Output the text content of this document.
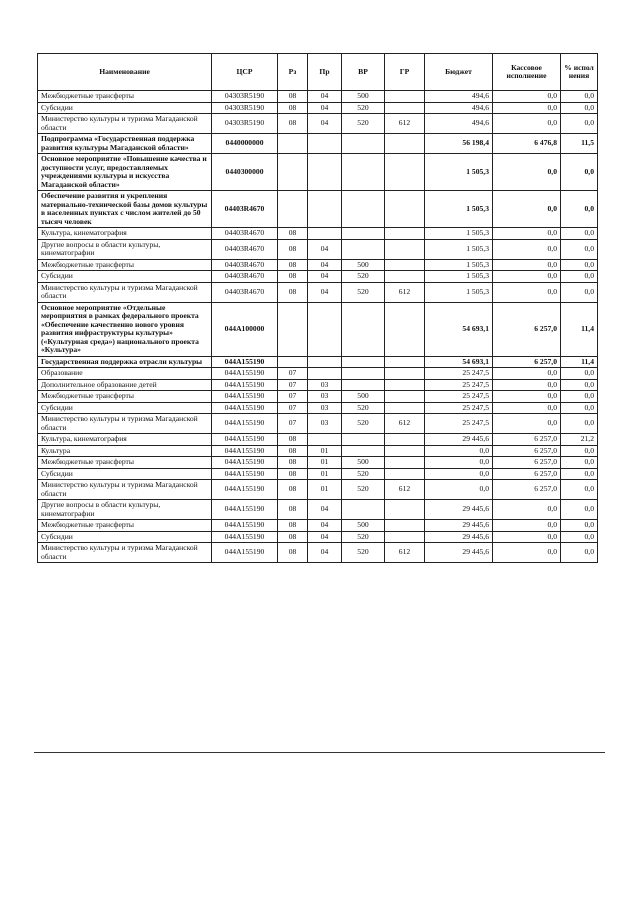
Наименование	ЦСР	Рз	Пр	ВР	ГР	Бюджет	Кассовое исполнение	% испол нения
Межбюджетные трансферты	04303R5190	08	04	500		494,6	0,0	0,0
Субсидии	04303R5190	08	04	520		494,6	0,0	0,0
Министерство культуры и туризма Магаданской области	04303R5190	08	04	520	612	494,6	0,0	0,0
Подпрограмма «Государственная поддержка развития культуры Магаданской области»	0440000000					56 198,4	6 476,8	11,5
Основное мероприятие «Повышение качества и доступности услуг, предоставляемых учреждениями культуры и искусства Магаданской области»	0440300000					1 505,3	0,0	0,0
Обеспечение развития и укрепления материально-технической базы домов культуры в населенных пунктах с числом жителей до 50 тысяч человек	04403R4670					1 505,3	0,0	0,0
Культура, кинематография	04403R4670	08				1 505,3	0,0	0,0
Другие вопросы в области культуры, кинематографии	04403R4670	08	04			1 505,3	0,0	0,0
Межбюджетные трансферты	04403R4670	08	04	500		1 505,3	0,0	0,0
Субсидии	04403R4670	08	04	520		1 505,3	0,0	0,0
Министерство культуры и туризма Магаданской области	04403R4670	08	04	520	612	1 505,3	0,0	0,0
Основное мероприятие «Отдельные мероприятия в рамках федерального проекта «Обеспечение качественно нового уровня развития инфраструктуры культуры» («Культурная среда») национального проекта «Культура»	044A100000					54 693,1	6 257,0	11,4
Государственная поддержка отрасли культуры	044A155190					54 693,1	6 257,0	11,4
Образование	044A155190	07				25 247,5	0,0	0,0
Дополнительное образование детей	044A155190	07	03			25 247,5	0,0	0,0
Межбюджетные трансферты	044A155190	07	03	500		25 247,5	0,0	0,0
Субсидии	044A155190	07	03	520		25 247,5	0,0	0,0
Министерство культуры и туризма Магаданской области	044A155190	07	03	520	612	25 247,5	0,0	0,0
Культура, кинематография	044A155190	08				29 445,6	6 257,0	21,2
Культура	044A155190	08	01			0,0	6 257,0	0,0
Межбюджетные трансферты	044A155190	08	01	500		0,0	6 257,0	0,0
Субсидии	044A155190	08	01	520		0,0	6 257,0	0,0
Министерство культуры и туризма Магаданской области	044A155190	08	01	520	612	0,0	6 257,0	0,0
Другие вопросы в области культуры, кинематографии	044A155190	08	04			29 445,6	0,0	0,0
Межбюджетные трансферты	044A155190	08	04	500		29 445,6	0,0	0,0
Субсидии	044A155190	08	04	520		29 445,6	0,0	0,0
Министерство культуры и туризма Магаданской области	044A155190	08	04	520	612	29 445,6	0,0	0,0
